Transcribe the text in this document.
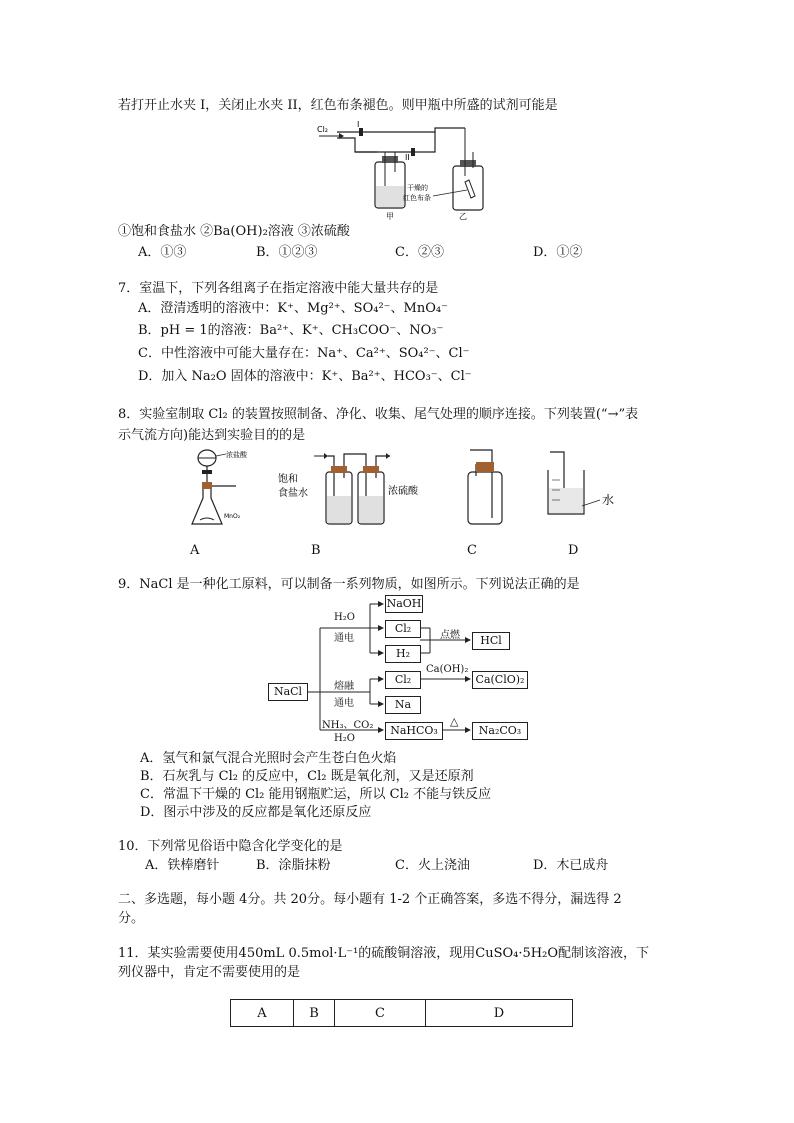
若打开止水夹 I，关闭止水夹 II，红色布条褪色。则甲瓶中所盛的试剂可能是
Cl₂
I
II
甲
干燥的
红色布条
乙
①饱和食盐水 ②Ba(OH)₂溶液 ③浓硫酸
A．①③	B．①②③	C．②③	D．①②
7．室温下，下列各组离子在指定溶液中能大量共存的是
A．澄清透明的溶液中：K⁺、Mg²⁺、SO₄²⁻、MnO₄⁻
B．pH = 1的溶液：Ba²⁺、K⁺、CH₃COO⁻、NO₃⁻
C．中性溶液中可能大量存在：Na⁺、Ca²⁺、SO₄²⁻、Cl⁻
D．加入 Na₂O 固体的溶液中：K⁺、Ba²⁺、HCO₃⁻、Cl⁻
8．实验室制取 Cl₂ 的装置按照制备、净化、收集、尾气处理的顺序连接。下列装置(“→”表
示气流方向)能达到实验目的的是
浓盐酸
MnO₂
饱和
食盐水	浓硫酸
水
A	B	C	D
9．NaCl 是一种化工原料，可以制备一系列物质，如图所示。下列说法正确的是
NaCl
NaOH
Cl₂
H₂
HCl
Cl₂
Na
Ca(ClO)₂
NaHCO₃	Na₂CO₃
H₂O
通电	点燃
Ca(OH)₂
熔融
通电
NH₃、CO₂
H₂O
△
A．氢气和氯气混合光照时会产生苍白色火焰
B．石灰乳与 Cl₂ 的反应中，Cl₂ 既是氧化剂，又是还原剂
C．常温下干燥的 Cl₂ 能用钢瓶贮运，所以 Cl₂ 不能与铁反应
D．图示中涉及的反应都是氧化还原反应
10．下列常见俗语中隐含化学变化的是
A．铁棒磨针	B．涂脂抹粉	C．火上浇油	D．木已成舟
二、多选题，每小题 4分。共 20分。每小题有 1-2 个正确答案，多选不得分，漏选得 2
分。
11．某实验需要使用450mL 0.5mol·L⁻¹的硫酸铜溶液，现用CuSO₄·5H₂O配制该溶液，下
列仪器中，肯定不需要使用的是
A	B	C	D
